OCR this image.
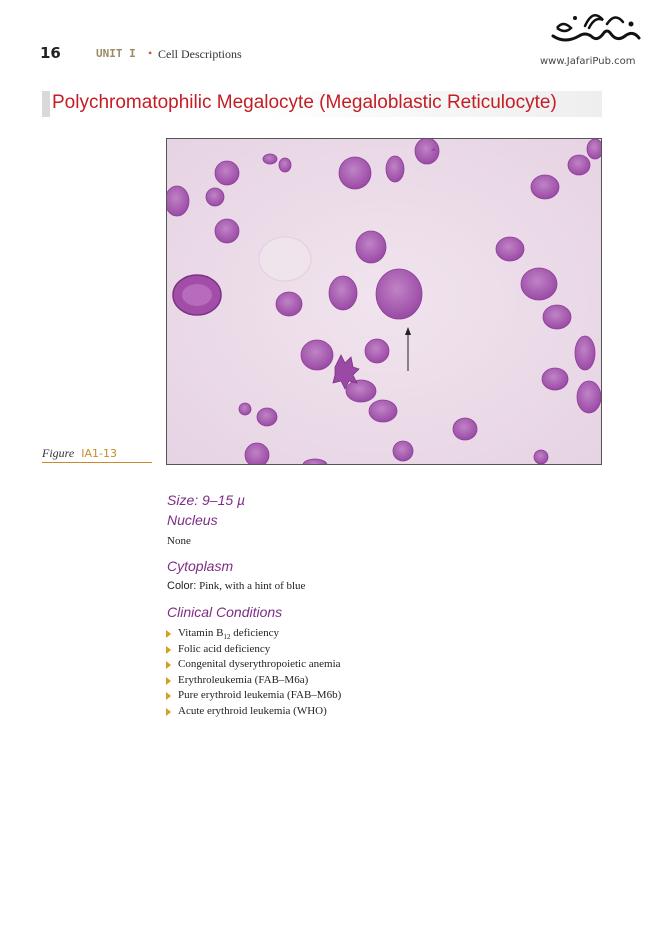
16	UNIT I • Cell Descriptions
www.JafariPub.com
Polychromatophilic Megalocyte (Megaloblastic Reticulocyte)
Figure IA1-13
Size: 9–15 µ
Nucleus
None
Cytoplasm
Color: Pink, with a hint of blue
Clinical Conditions
Vitamin $B_{12}$ deficiency
Folic acid deficiency
Congenital dyserythropoietic anemia
Erythroleukemia (FAB–M6a)
Pure erythroid leukemia (FAB–M6b)
Acute erythroid leukemia (WHO)
